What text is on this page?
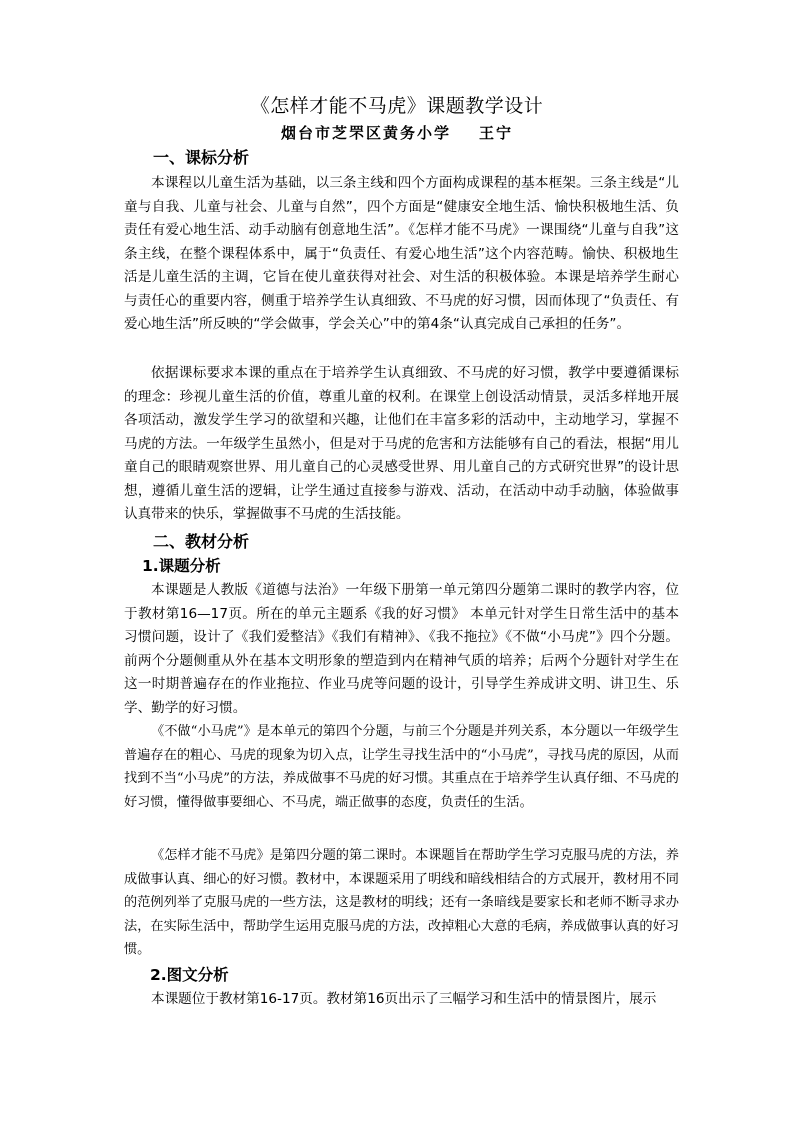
《怎样才能不马虎》课题教学设计
烟台市芝罘区黄务小学 王宁
一、课标分析

本课程以儿童生活为基础，以三条主线和四个方面构成课程的基本框架。三条主线是“儿童与自我、儿童与社会、儿童与自然”，四个方面是“健康安全地生活、愉快积极地生活、负责任有爱心地生活、动手动脑有创意地生活”。《怎样才能不马虎》一课围绕“儿童与自我”这条主线，在整个课程体系中，属于“负责任、有爱心地生活”这个内容范畴。愉快、积极地生活是儿童生活的主调，它旨在使儿童获得对社会、对生活的积极体验。本课是培养学生耐心与责任心的重要内容，侧重于培养学生认真细致、不马虎的好习惯，因而体现了“负责任、有爱心地生活”所反映的“学会做事，学会关心”中的第4条“认真完成自己承担的任务”。

依据课标要求本课的重点在于培养学生认真细致、不马虎的好习惯，教学中要遵循课标的理念：珍视儿童生活的价值，尊重儿童的权利。在课堂上创设活动情景，灵活多样地开展各项活动，激发学生学习的欲望和兴趣，让他们在丰富多彩的活动中，主动地学习，掌握不马虎的方法。一年级学生虽然小，但是对于马虎的危害和方法能够有自己的看法，根据“用儿童自己的眼睛观察世界、用儿童自己的心灵感受世界、用儿童自己的方式研究世界”的设计思想，遵循儿童生活的逻辑，让学生通过直接参与游戏、活动，在活动中动手动脑，体验做事认真带来的快乐，掌握做事不马虎的生活技能。

二、教材分析
1.课题分析

本课题是人教版《道德与法治》一年级下册第一单元第四分题第二课时的教学内容，位于教材第16—17页。所在的单元主题系《我的好习惯》 本单元针对学生日常生活中的基本习惯问题，设计了《我们爱整洁》《我们有精神》、《我不拖拉》《不做“小马虎”》四个分题。前两个分题侧重从外在基本文明形象的塑造到内在精神气质的培养；后两个分题针对学生在这一时期普遍存在的作业拖拉、作业马虎等问题的设计，引导学生养成讲文明、讲卫生、乐学、勤学的好习惯。

《不做“小马虎”》是本单元的第四个分题，与前三个分题是并列关系，本分题以一年级学生普遍存在的粗心、马虎的现象为切入点，让学生寻找生活中的“小马虎”，寻找马虎的原因，从而找到不当“小马虎”的方法，养成做事不马虎的好习惯。其重点在于培养学生认真仔细、不马虎的好习惯，懂得做事要细心、不马虎，端正做事的态度，负责任的生活。

《怎样才能不马虎》是第四分题的第二课时。本课题旨在帮助学生学习克服马虎的方法，养成做事认真、细心的好习惯。教材中，本课题采用了明线和暗线相结合的方式展开，教材用不同的范例列举了克服马虎的一些方法，这是教材的明线；还有一条暗线是要家长和老师不断寻求办法，在实际生活中，帮助学生运用克服马虎的方法，改掉粗心大意的毛病，养成做事认真的好习惯。

2.图文分析

本课题位于教材第16-17页。教材第16页出示了三幅学习和生活中的情景图片，展示
